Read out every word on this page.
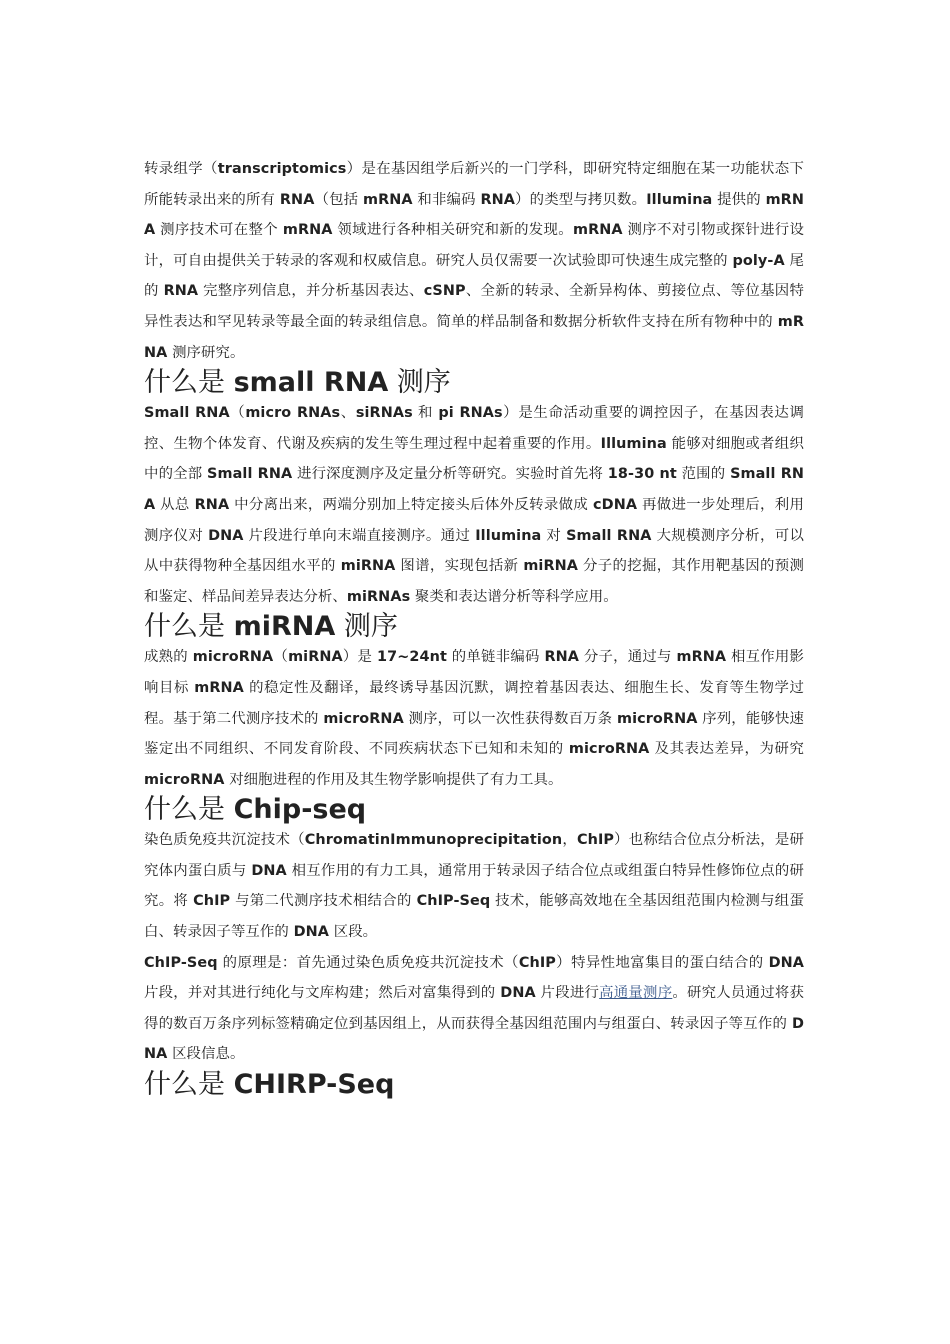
转录组学（transcriptomics）是在基因组学后新兴的一门学科，即研究特定细胞在某一功能状态下所能转录出来的所有 RNA（包括 mRNA 和非编码 RNA）的类型与拷贝数。Illumina 提供的 mRNA 测序技术可在整个 mRNA 领域进行各种相关研究和新的发现。mRNA 测序不对引物或探针进行设计，可自由提供关于转录的客观和权威信息。研究人员仅需要一次试验即可快速生成完整的 poly-A 尾的 RNA 完整序列信息，并分析基因表达、cSNP、全新的转录、全新异构体、剪接位点、等位基因特异性表达和罕见转录等最全面的转录组信息。简单的样品制备和数据分析软件支持在所有物种中的 mRNA 测序研究。

什么是 small RNA 测序

Small RNA（micro RNAs、siRNAs 和 pi RNAs）是生命活动重要的调控因子，在基因表达调控、生物个体发育、代谢及疾病的发生等生理过程中起着重要的作用。Illumina 能够对细胞或者组织中的全部 Small RNA 进行深度测序及定量分析等研究。实验时首先将 18-30 nt 范围的 Small RNA 从总 RNA 中分离出来，两端分别加上特定接头后体外反转录做成 cDNA 再做进一步处理后，利用测序仪对 DNA 片段进行单向末端直接测序。通过 Illumina 对 Small RNA 大规模测序分析，可以从中获得物种全基因组水平的 miRNA 图谱，实现包括新 miRNA 分子的挖掘，其作用靶基因的预测和鉴定、样品间差异表达分析、miRNAs 聚类和表达谱分析等科学应用。

什么是 miRNA 测序

成熟的 microRNA（miRNA）是 17~24nt 的单链非编码 RNA 分子，通过与 mRNA 相互作用影响目标 mRNA 的稳定性及翻译，最终诱导基因沉默，调控着基因表达、细胞生长、发育等生物学过程。基于第二代测序技术的 microRNA 测序，可以一次性获得数百万条 microRNA 序列，能够快速鉴定出不同组织、不同发育阶段、不同疾病状态下已知和未知的 microRNA 及其表达差异，为研究 microRNA 对细胞进程的作用及其生物学影响提供了有力工具。

什么是 Chip-seq

染色质免疫共沉淀技术（ChromatinImmunoprecipitation，ChIP）也称结合位点分析法，是研究体内蛋白质与 DNA 相互作用的有力工具，通常用于转录因子结合位点或组蛋白特异性修饰位点的研究。将 ChIP 与第二代测序技术相结合的 ChIP-Seq 技术，能够高效地在全基因组范围内检测与组蛋白、转录因子等互作的 DNA 区段。

ChIP-Seq 的原理是：首先通过染色质免疫共沉淀技术（ChIP）特异性地富集目的蛋白结合的 DNA 片段，并对其进行纯化与文库构建；然后对富集得到的 DNA 片段进行高通量测序。研究人员通过将获得的数百万条序列标签精确定位到基因组上，从而获得全基因组范围内与组蛋白、转录因子等互作的 DNA 区段信息。

什么是 CHIRP-Seq
